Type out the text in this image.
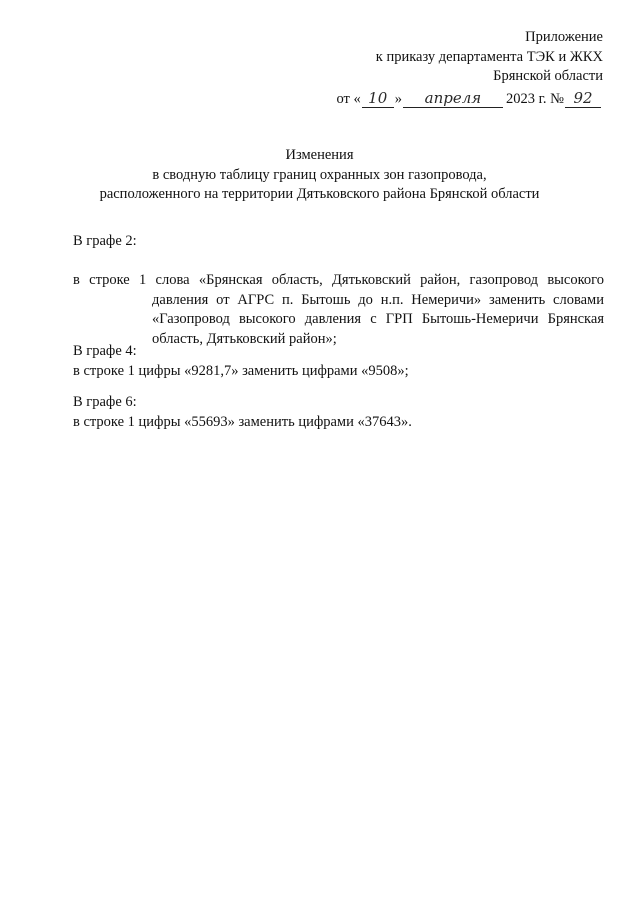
Приложение
к приказу департамента ТЭК и ЖКХ
Брянской области
от « 10 »	апреля	2023 г. № 92
Изменения
в сводную таблицу границ охранных зон газопровода,
расположенного на территории Дятьковского района Брянской области
В графе 2:
в строке 1 слова «Брянская область, Дятьковский район, газопровод высокого давления от АГРС п. Бытошь до н.п. Немеричи» заменить словами «Газопровод высокого давления с ГРП Бытошь-Немеричи Брянская область, Дятьковский район»;
В графе 4:
в строке 1 цифры «9281,7» заменить цифрами «9508»;
В графе 6:
в строке 1 цифры «55693» заменить цифрами «37643».
